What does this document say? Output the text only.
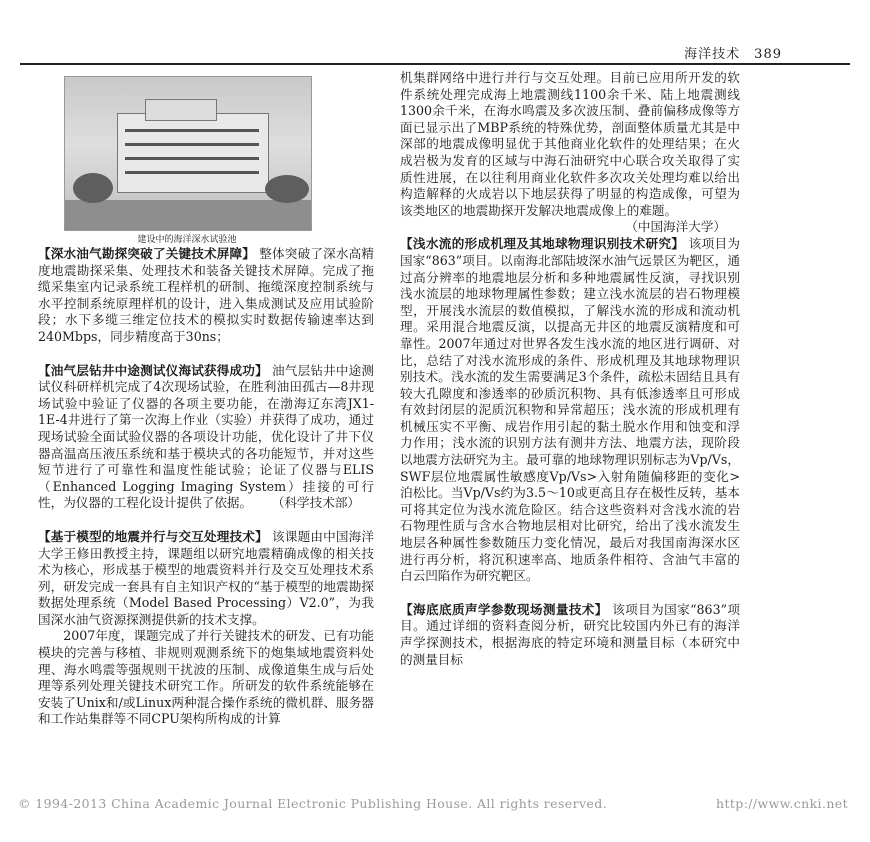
海洋技术 389
建设中的海洋深水试验池

【深水油气勘探突破了关键技术屏障】 整体突破了深水高精度地震勘探采集、处理技术和装备关键技术屏障。完成了拖缆采集室内记录系统工程样机的研制、拖缆深度控制系统与水平控制系统原理样机的设计，进入集成测试及应用试验阶段；水下多缆三维定位技术的模拟实时数据传输速率达到240Mbps，同步精度高于30ns；

【油气层钻井中途测试仪海试获得成功】 油气层钻井中途测试仪科研样机完成了4次现场试验，在胜利油田孤古—8井现场试验中验证了仪器的各项主要功能，在渤海辽东湾JX1-1E-4井进行了第一次海上作业（实验）并获得了成功，通过现场试验全面试验仪器的各项设计功能，优化设计了井下仪器高温高压液压系统和基于模块式的各功能短节，并对这些短节进行了可靠性和温度性能试验；论证了仪器与ELIS（Enhanced Logging Imaging System）挂接的可行性，为仪器的工程化设计提供了依据。 （科学技术部）

【基于模型的地震并行与交互处理技术】 该课题由中国海洋大学王修田教授主持，课题组以研究地震精确成像的相关技术为核心，形成基于模型的地震资料并行及交互处理技术系列，研发完成一套具有自主知识产权的“基于模型的地震勘探数据处理系统（Model Based Processing）V2.0”，为我国深水油气资源探测提供新的技术支撑。

2007年度，课题完成了并行关键技术的研发、已有功能模块的完善与移植、非规则观测系统下的炮集域地震资料处理、海水鸣震等强规则干扰波的压制、成像道集生成与后处理等系列处理关键技术研究工作。所研发的软件系统能够在安装了Unix和/或Linux两种混合操作系统的微机群、服务器和工作站集群等不同CPU架构所构成的计算

机集群网络中进行并行与交互处理。目前已应用所开发的软件系统处理完成海上地震测线1100余千米、陆上地震测线1300余千米，在海水鸣震及多次波压制、叠前偏移成像等方面已显示出了MBP系统的特殊优势，剖面整体质量尤其是中深部的地震成像明显优于其他商业化软件的处理结果；在火成岩极为发育的区域与中海石油研究中心联合攻关取得了实质性进展，在以往利用商业化软件多次攻关处理均难以给出构造解释的火成岩以下地层获得了明显的构造成像，可望为该类地区的地震勘探开发解决地震成像上的难题。
（中国海洋大学）

【浅水流的形成机理及其地球物理识别技术研究】 该项目为国家“863”项目。以南海北部陆坡深水油气远景区为靶区，通过高分辨率的地震地层分析和多种地震属性反演，寻找识别浅水流层的地球物理属性参数；建立浅水流层的岩石物理模型，开展浅水流层的数值模拟，了解浅水流的形成和流动机理。采用混合地震反演，以提高无井区的地震反演精度和可靠性。2007年通过对世界各发生浅水流的地区进行调研、对比，总结了对浅水流形成的条件、形成机理及其地球物理识别技术。浅水流的发生需要满足3个条件，疏松未固结且具有较大孔隙度和渗透率的砂质沉积物、具有低渗透率且可形成有效封闭层的泥质沉积物和异常超压；浅水流的形成机理有机械压实不平衡、成岩作用引起的黏土脱水作用和蚀变和浮力作用；浅水流的识别方法有测井方法、地震方法，现阶段以地震方法研究为主。最可靠的地球物理识别标志为Vp/Vs，SWF层位地震属性敏感度Vp/Vs>入射角随偏移距的变化>泊松比。当Vp/Vs约为3.5～10或更高且存在极性反转，基本可将其定位为浅水流危险区。结合这些资料对含浅水流的岩石物理性质与含水合物地层相对比研究，给出了浅水流发生地层各种属性参数随压力变化情况，最后对我国南海深水区进行再分析，将沉积速率高、地质条件相符、含油气丰富的白云凹陷作为研究靶区。

【海底底质声学参数现场测量技术】 该项目为国家“863”项目。通过详细的资料查阅分析，研究比较国内外已有的海洋声学探测技术，根据海底的特定环境和测量目标（本研究中的测量目标

© 1994-2013 China Academic Journal Electronic Publishing House. All rights reserved.	http://www.cnki.net
